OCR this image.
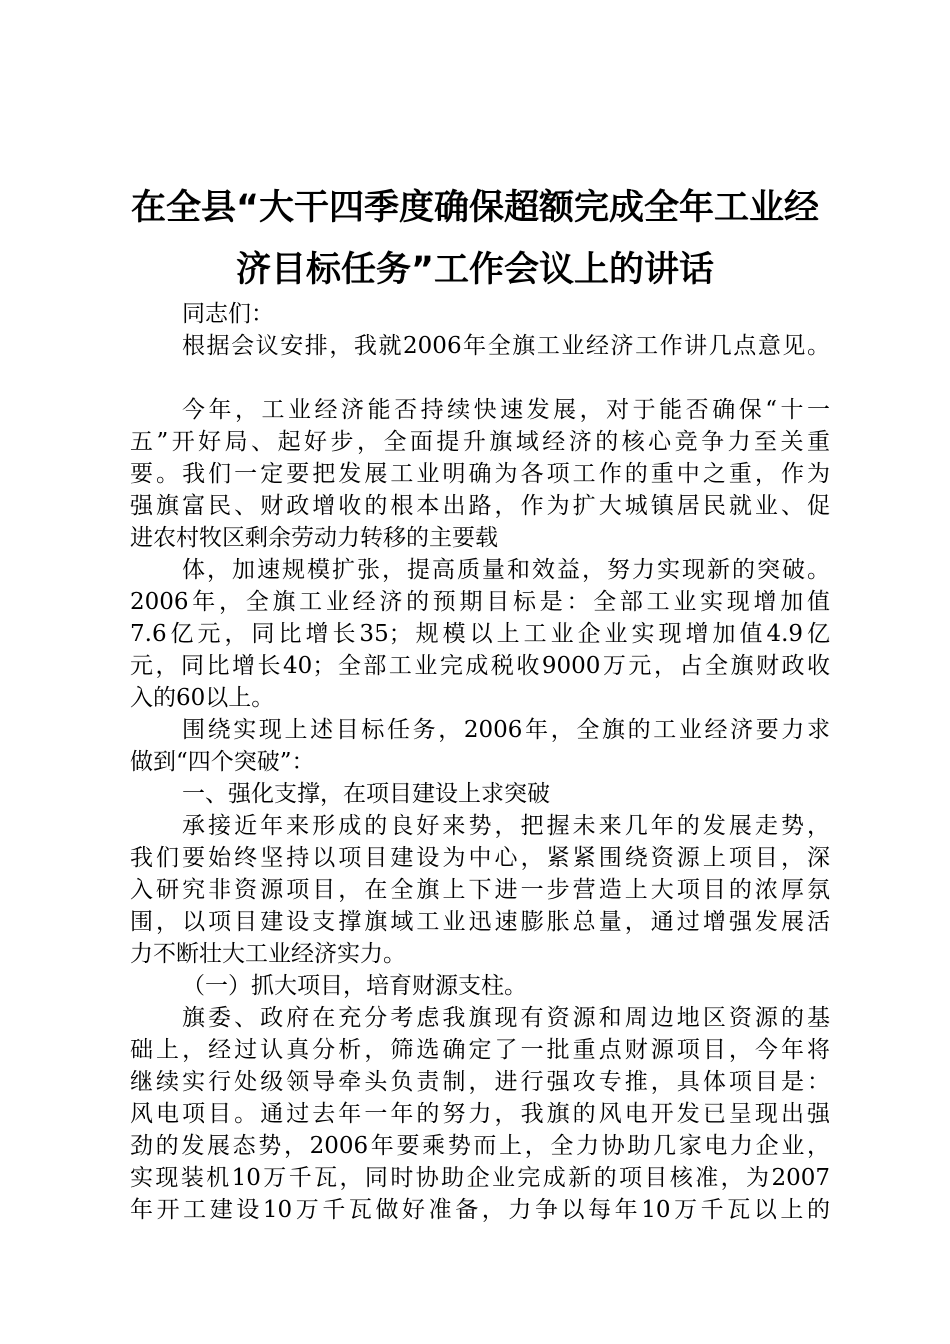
在全县“大干四季度确保超额完成全年工业经
济目标任务”工作会议上的讲话
同志们：
根据会议安排，我就2006年全旗工业经济工作讲几点意见。
今年，工业经济能否持续快速发展，对于能否确保“十一
五”开好局、起好步，全面提升旗域经济的核心竞争力至关重
要。我们一定要把发展工业明确为各项工作的重中之重，作为
强旗富民、财政增收的根本出路，作为扩大城镇居民就业、促
进农村牧区剩余劳动力转移的主要载
体，加速规模扩张，提高质量和效益，努力实现新的突破。
2006年，全旗工业经济的预期目标是：全部工业实现增加值
7.6亿元，同比增长35；规模以上工业企业实现增加值4.9亿
元，同比增长40；全部工业完成税收9000万元，占全旗财政收
入的60以上。
围绕实现上述目标任务，2006年，全旗的工业经济要力求
做到“四个突破”：
一、强化支撑，在项目建设上求突破
承接近年来形成的良好来势，把握未来几年的发展走势，
我们要始终坚持以项目建设为中心，紧紧围绕资源上项目，深
入研究非资源项目，在全旗上下进一步营造上大项目的浓厚氛
围，以项目建设支撑旗域工业迅速膨胀总量，通过增强发展活
力不断壮大工业经济实力。
（一）抓大项目，培育财源支柱。
旗委、政府在充分考虑我旗现有资源和周边地区资源的基
础上，经过认真分析，筛选确定了一批重点财源项目，今年将
继续实行处级领导牵头负责制，进行强攻专推，具体项目是：
风电项目。通过去年一年的努力，我旗的风电开发已呈现出强
劲的发展态势，2006年要乘势而上，全力协助几家电力企业，
实现装机10万千瓦，同时协助企业完成新的项目核准，为2007
年开工建设10万千瓦做好准备，力争以每年10万千瓦以上的
